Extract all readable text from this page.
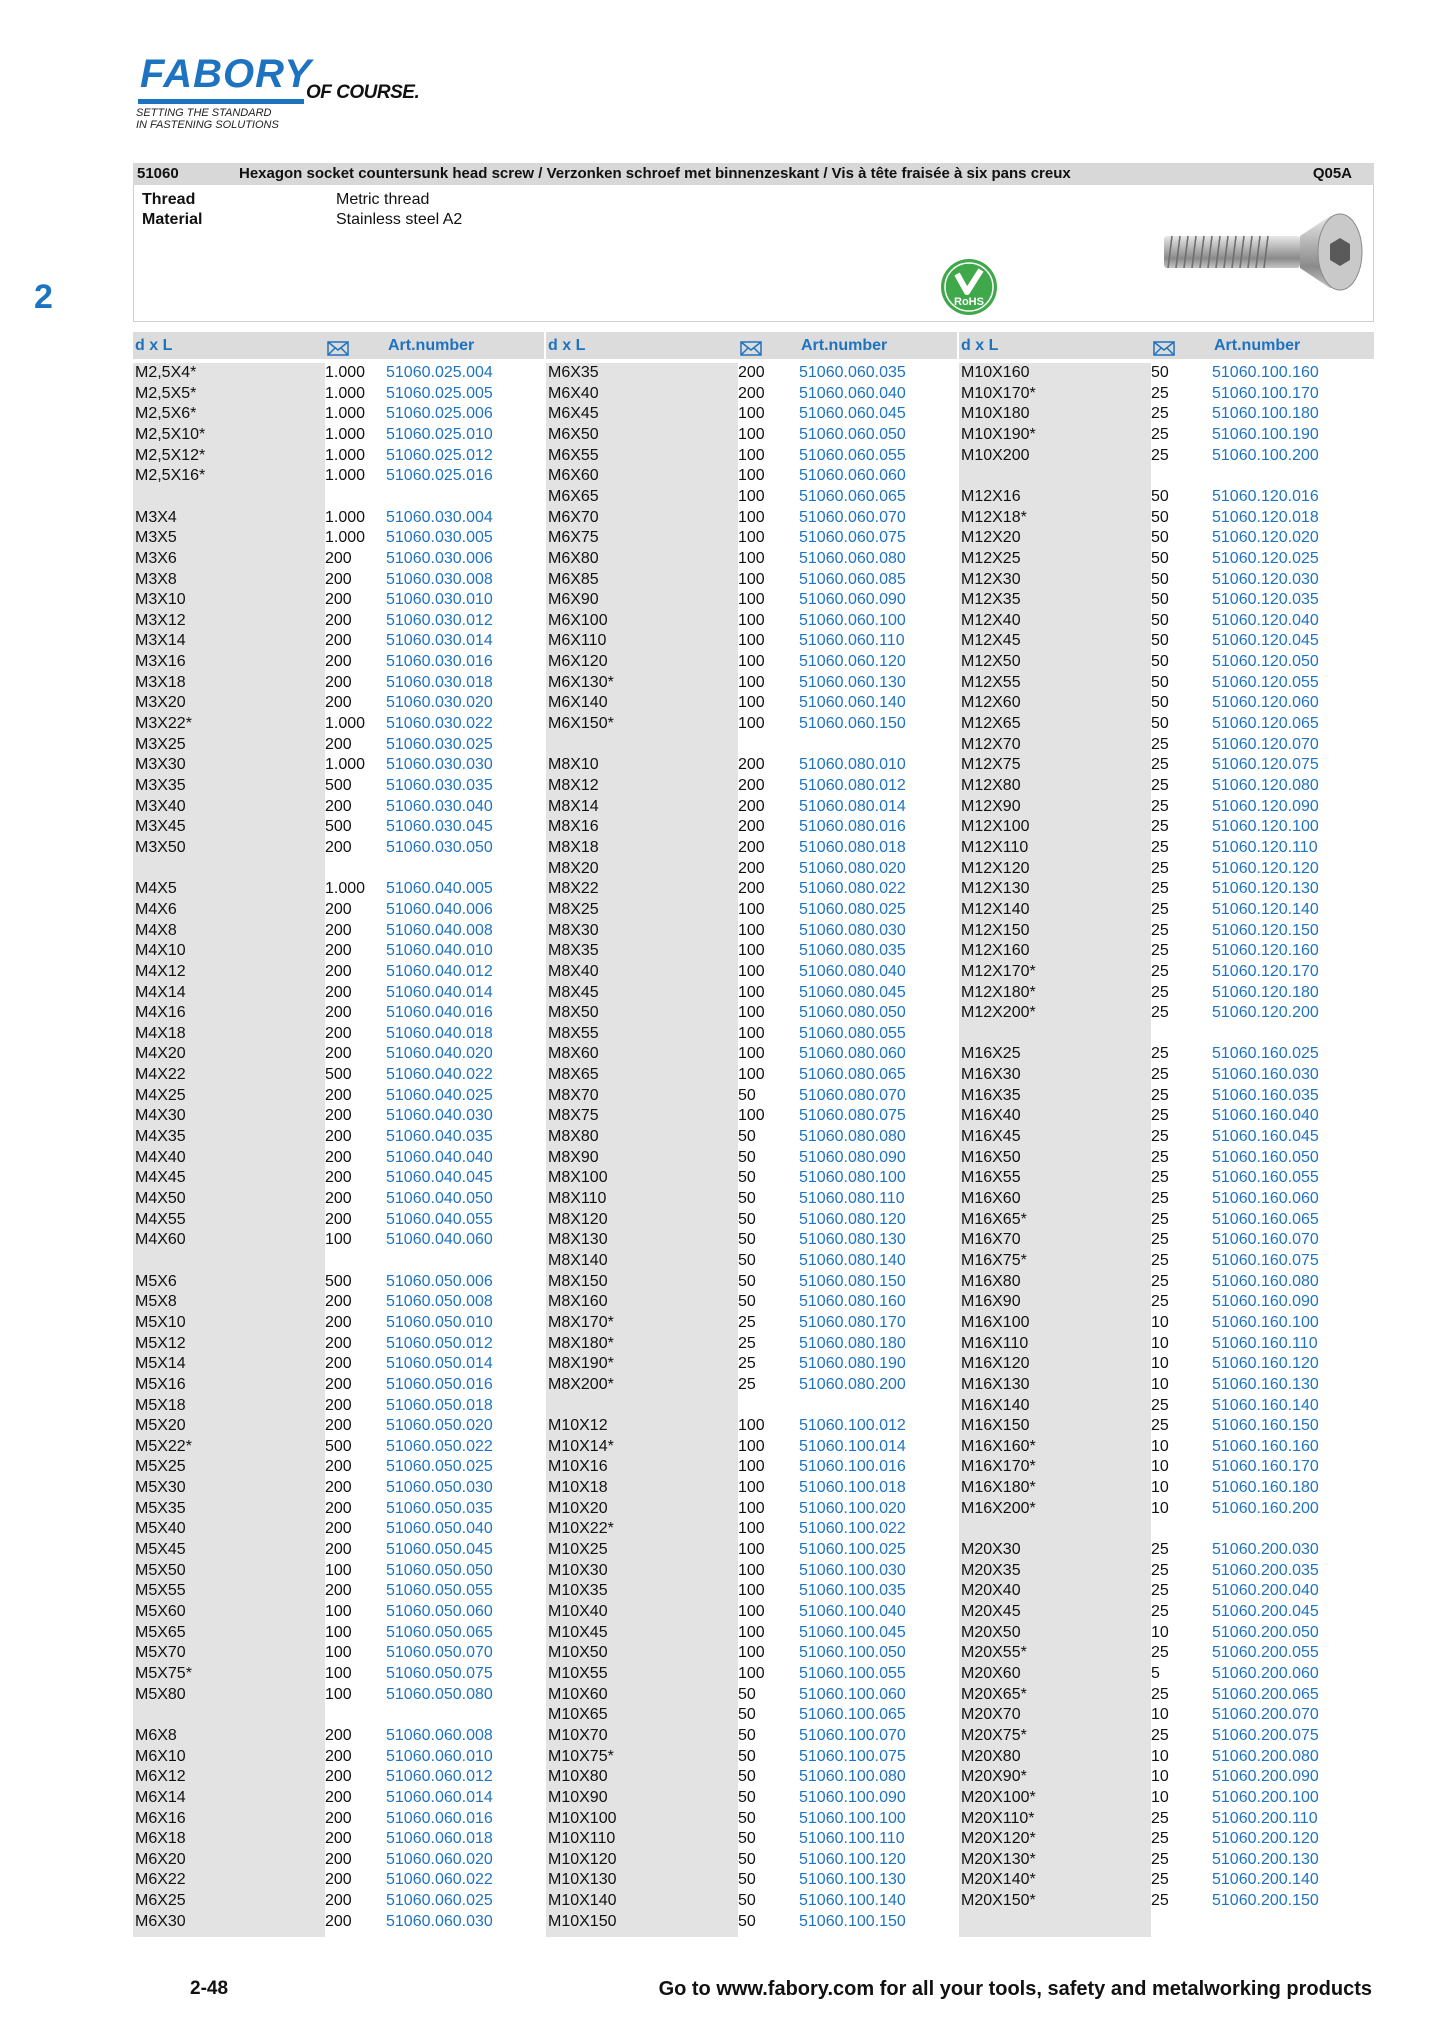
FABORY
OF COURSE.
SETTING THE STANDARD
IN FASTENING SOLUTIONS
2
51060	Hexagon socket countersunk head screw / Verzonken schroef met binnenzeskant / Vis à tête fraisée à six pans creux	Q05A
Thread	Metric thread
Material	Stainless steel A2
RoHS
d x L	Art.number	d x L	Art.number	d x L	Art.number
M2,5X4*	1.000 51060.025.004
M2,5X5*	1.000 51060.025.005
M2,5X6*	1.000 51060.025.006
M2,5X10*	1.000 51060.025.010
M2,5X12*	1.000 51060.025.012
M2,5X16*	1.000 51060.025.016
M3X4	1.000 51060.030.004
M3X5	1.000 51060.030.005
M3X6	200 51060.030.006
M3X8	200 51060.030.008
M3X10	200 51060.030.010
M3X12	200 51060.030.012
M3X14	200 51060.030.014
M3X16	200 51060.030.016
M3X18	200 51060.030.018
M3X20	200 51060.030.020
M3X22*	1.000 51060.030.022
M3X25	200 51060.030.025
M3X30	1.000 51060.030.030
M3X35	500 51060.030.035
M3X40	200 51060.030.040
M3X45	500 51060.030.045
M3X50	200 51060.030.050
M4X5	1.000 51060.040.005
M4X6	200 51060.040.006
M4X8	200 51060.040.008
M4X10	200 51060.040.010
M4X12	200 51060.040.012
M4X14	200 51060.040.014
M4X16	200 51060.040.016
M4X18	200 51060.040.018
M4X20	200 51060.040.020
M4X22	500 51060.040.022
M4X25	200 51060.040.025
M4X30	200 51060.040.030
M4X35	200 51060.040.035
M4X40	200 51060.040.040
M4X45	200 51060.040.045
M4X50	200 51060.040.050
M4X55	200 51060.040.055
M4X60	100 51060.040.060
M5X6	500 51060.050.006
M5X8	200 51060.050.008
M5X10	200 51060.050.010
M5X12	200 51060.050.012
M5X14	200 51060.050.014
M5X16	200 51060.050.016
M5X18	200 51060.050.018
M5X20	200 51060.050.020
M5X22*	500 51060.050.022
M5X25	200 51060.050.025
M5X30	200 51060.050.030
M5X35	200 51060.050.035
M5X40	200 51060.050.040
M5X45	200 51060.050.045
M5X50	100 51060.050.050
M5X55	200 51060.050.055
M5X60	100 51060.050.060
M5X65	100 51060.050.065
M5X70	100 51060.050.070
M5X75*	100 51060.050.075
M5X80	100 51060.050.080
M6X8	200 51060.060.008
M6X10	200 51060.060.010
M6X12	200 51060.060.012
M6X14	200 51060.060.014
M6X16	200 51060.060.016
M6X18	200 51060.060.018
M6X20	200 51060.060.020
M6X22	200 51060.060.022
M6X25	200 51060.060.025
M6X30	200 51060.060.030
M6X35	200 51060.060.035
M6X40	200 51060.060.040
M6X45	100 51060.060.045
M6X50	100 51060.060.050
M6X55	100 51060.060.055
M6X60	100 51060.060.060
M6X65	100 51060.060.065
M6X70	100 51060.060.070
M6X75	100 51060.060.075
M6X80	100 51060.060.080
M6X85	100 51060.060.085
M6X90	100 51060.060.090
M6X100	100 51060.060.100
M6X110	100 51060.060.110
M6X120	100 51060.060.120
M6X130*	100 51060.060.130
M6X140	100 51060.060.140
M6X150*	100 51060.060.150
M8X10	200 51060.080.010
M8X12	200 51060.080.012
M8X14	200 51060.080.014
M8X16	200 51060.080.016
M8X18	200 51060.080.018
M8X20	200 51060.080.020
M8X22	200 51060.080.022
M8X25	100 51060.080.025
M8X30	100 51060.080.030
M8X35	100 51060.080.035
M8X40	100 51060.080.040
M8X45	100 51060.080.045
M8X50	100 51060.080.050
M8X55	100 51060.080.055
M8X60	100 51060.080.060
M8X65	100 51060.080.065
M8X70	50	51060.080.070
M8X75	100 51060.080.075
M8X80	50	51060.080.080
M8X90	50	51060.080.090
M8X100	50	51060.080.100
M8X110	50	51060.080.110
M8X120	50	51060.080.120
M8X130	50	51060.080.130
M8X140	50	51060.080.140
M8X150	50	51060.080.150
M8X160	50	51060.080.160
M8X170*	25	51060.080.170
M8X180*	25	51060.080.180
M8X190*	25	51060.080.190
M8X200*	25	51060.080.200
M10X12	100 51060.100.012
M10X14*	100 51060.100.014
M10X16	100 51060.100.016
M10X18	100 51060.100.018
M10X20	100 51060.100.020
M10X22*	100 51060.100.022
M10X25	100 51060.100.025
M10X30	100 51060.100.030
M10X35	100 51060.100.035
M10X40	100 51060.100.040
M10X45	100 51060.100.045
M10X50	100 51060.100.050
M10X55	100 51060.100.055
M10X60	50	51060.100.060
M10X65	50	51060.100.065
M10X70	50	51060.100.070
M10X75*	50	51060.100.075
M10X80	50	51060.100.080
M10X90	50	51060.100.090
M10X100	50	51060.100.100
M10X110	50	51060.100.110
M10X120	50	51060.100.120
M10X130	50	51060.100.130
M10X140	50	51060.100.140
M10X150	50	51060.100.150
M10X160	50	51060.100.160
M10X170*	25	51060.100.170
M10X180	25	51060.100.180
M10X190*	25	51060.100.190
M10X200	25	51060.100.200
M12X16	50	51060.120.016
M12X18*	50	51060.120.018
M12X20	50	51060.120.020
M12X25	50	51060.120.025
M12X30	50	51060.120.030
M12X35	50	51060.120.035
M12X40	50	51060.120.040
M12X45	50	51060.120.045
M12X50	50	51060.120.050
M12X55	50	51060.120.055
M12X60	50	51060.120.060
M12X65	50	51060.120.065
M12X70	25	51060.120.070
M12X75	25	51060.120.075
M12X80	25	51060.120.080
M12X90	25	51060.120.090
M12X100	25	51060.120.100
M12X110	25	51060.120.110
M12X120	25	51060.120.120
M12X130	25	51060.120.130
M12X140	25	51060.120.140
M12X150	25	51060.120.150
M12X160	25	51060.120.160
M12X170*	25	51060.120.170
M12X180*	25	51060.120.180
M12X200*	25	51060.120.200
M16X25	25	51060.160.025
M16X30	25	51060.160.030
M16X35	25	51060.160.035
M16X40	25	51060.160.040
M16X45	25	51060.160.045
M16X50	25	51060.160.050
M16X55	25	51060.160.055
M16X60	25	51060.160.060
M16X65*	25	51060.160.065
M16X70	25	51060.160.070
M16X75*	25	51060.160.075
M16X80	25	51060.160.080
M16X90	25	51060.160.090
M16X100	10	51060.160.100
M16X110	10	51060.160.110
M16X120	10	51060.160.120
M16X130	10	51060.160.130
M16X140	25	51060.160.140
M16X150	25	51060.160.150
M16X160*	10	51060.160.160
M16X170*	10	51060.160.170
M16X180*	10	51060.160.180
M16X200*	10	51060.160.200
M20X30	25	51060.200.030
M20X35	25	51060.200.035
M20X40	25	51060.200.040
M20X45	25	51060.200.045
M20X50	10	51060.200.050
M20X55*	25	51060.200.055
M20X60	5	51060.200.060
M20X65*	25	51060.200.065
M20X70	10	51060.200.070
M20X75*	25	51060.200.075
M20X80	10	51060.200.080
M20X90*	10	51060.200.090
M20X100*	10	51060.200.100
M20X110*	25	51060.200.110
M20X120*	25	51060.200.120
M20X130*	25	51060.200.130
M20X140*	25	51060.200.140
M20X150*	25	51060.200.150
2-48	Go to www.fabory.com for all your tools, safety and metalworking products
